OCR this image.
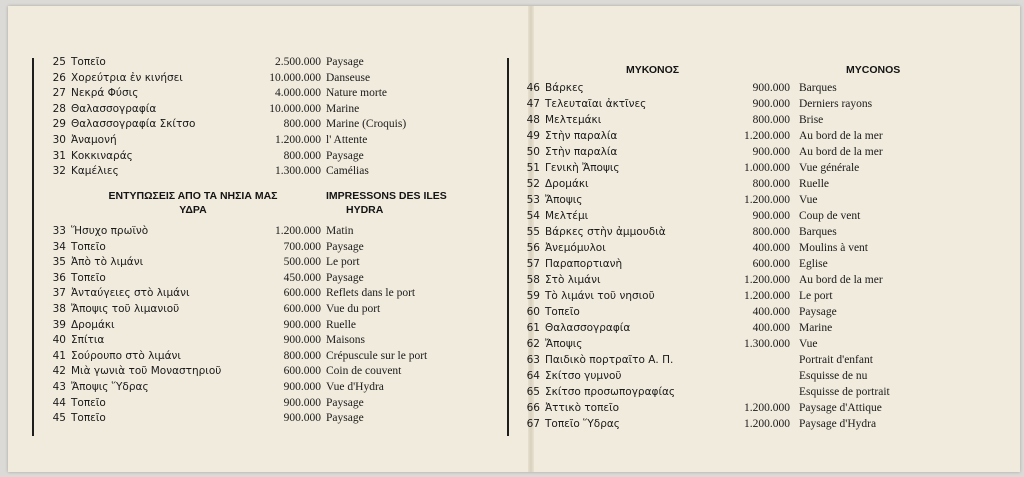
25 Τοπεῖο	2.500.000 Paysage
26 Χορεύτρια ἐν κινήσει	10.000.000 Danseuse
27 Νεκρά Φύσις	4.000.000 Nature morte
28 Θαλασσογραφία	10.000.000 Marine
29 Θαλασσογραφία Σκίτσο	800.000 Marine (Croquis)
30 Ἀναμονή	1.200.000 l' Attente
31 Κοκκιναράς	800.000 Paysage
32 Καμέλιες	1.300.000 Camélias
ΕΝΤΥΠΩΣΕΙΣ ΑΠΟ ΤΑ ΝΗΣΙΑ ΜΑΣ
ΥΔΡΑ
IMPRESSONS DES ILES
HYDRA
33 Ἥσυχο πρωϊνὸ	1.200.000 Matin
34 Τοπεῖο	700.000 Paysage
35 Ἀπὸ τὸ λιμάνι	500.000 Le port
36 Τοπεῖο	450.000 Paysage
37 Ἀνταύγειες στὸ λιμάνι	600.000 Reflets dans le port
38 Ἄποψις τοῦ λιμανιοῦ	600.000 Vue du port
39 Δρομάκι	900.000 Ruelle
40 Σπίτια	900.000 Maisons
41 Σούρουπο στὸ λιμάνι	800.000 Crépuscule sur le port
42 Μιὰ γωνιὰ τοῦ Μοναστηριοῦ	600.000 Coin de couvent
43 Ἄποψις Ὕδρας	900.000 Vue d'Hydra
44 Τοπεῖο	900.000 Paysage
45 Τοπεῖο	900.000 Paysage
ΜΥΚΟΝΟΣ	MYCONOS
46 Βάρκες	900.000 Barques
47 Τελευταῖαι ἀκτῖνες	900.000 Derniers rayons
48 Μελτεμάκι	800.000 Brise
49 Στὴν παραλία	1.200.000 Au bord de la mer
50 Στὴν παραλία	900.000 Au bord de la mer
51 Γενικὴ Ἄποψις	1.000.000 Vue générale
52 Δρομάκι	800.000 Ruelle
53 Ἄποψις	1.200.000 Vue
54 Μελτέμι	900.000 Coup de vent
55 Βάρκες στὴν ἀμμουδιὰ	800.000 Barques
56 Ἀνεμόμυλοι	400.000 Moulins à vent
57 Παραπορτιανὴ	600.000 Eglise
58 Στὸ λιμάνι	1.200.000 Au bord de la mer
59 Τὸ λιμάνι τοῦ νησιοῦ	1.200.000 Le port
60 Τοπεῖο	400.000 Paysage
61 Θαλασσογραφία	400.000 Marine
62 Ἄποψις	1.300.000 Vue
63 Παιδικὸ πορτραῖτο Α. Π.	Portrait d'enfant
64 Σκίτσο γυμνοῦ	Esquisse de nu
65 Σκίτσο προσωπογραφίας	Esquisse de portrait
66 Ἀττικὸ τοπεῖο	1.200.000 Paysage d'Attique
67 Τοπεῖο Ὕδρας	1.200.000 Paysage d'Hydra
